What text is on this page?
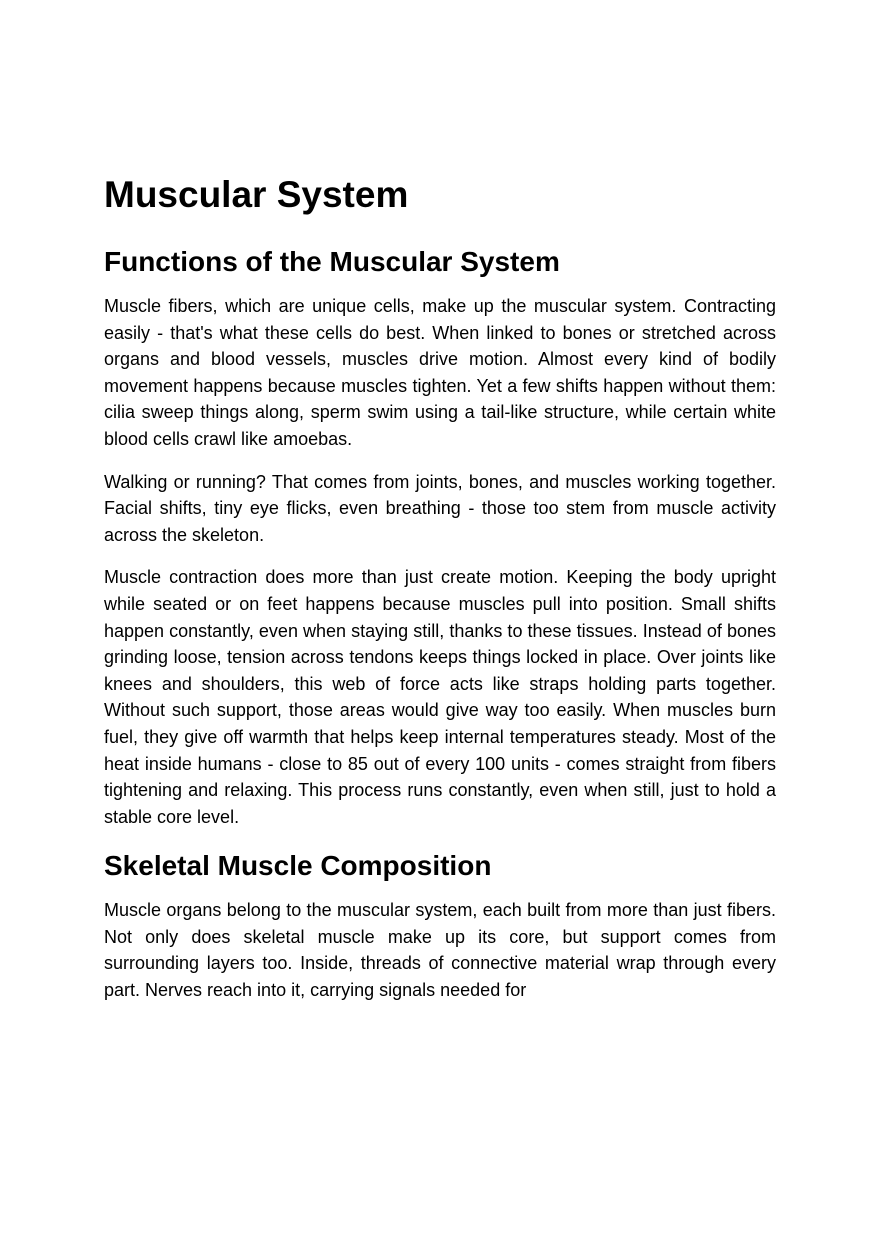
Muscular System
Functions of the Muscular System

Muscle fibers, which are unique cells, make up the muscular system. Contracting easily - that's what these cells do best. When linked to bones or stretched across organs and blood vessels, muscles drive motion. Almost every kind of bodily movement happens because muscles tighten. Yet a few shifts happen without them: cilia sweep things along, sperm swim using a tail-like structure, while certain white blood cells crawl like amoebas.

Walking or running? That comes from joints, bones, and muscles working together. Facial shifts, tiny eye flicks, even breathing - those too stem from muscle activity across the skeleton.

Muscle contraction does more than just create motion. Keeping the body upright while seated or on feet happens because muscles pull into position. Small shifts happen constantly, even when staying still, thanks to these tissues. Instead of bones grinding loose, tension across tendons keeps things locked in place. Over joints like knees and shoulders, this web of force acts like straps holding parts together. Without such support, those areas would give way too easily. When muscles burn fuel, they give off warmth that helps keep internal temperatures steady. Most of the heat inside humans - close to 85 out of every 100 units - comes straight from fibers tightening and relaxing. This process runs constantly, even when still, just to hold a stable core level.

Skeletal Muscle Composition

Muscle organs belong to the muscular system, each built from more than just fibers. Not only does skeletal muscle make up its core, but support comes from surrounding layers too. Inside, threads of connective material wrap through every part. Nerves reach into it, carrying signals needed for
